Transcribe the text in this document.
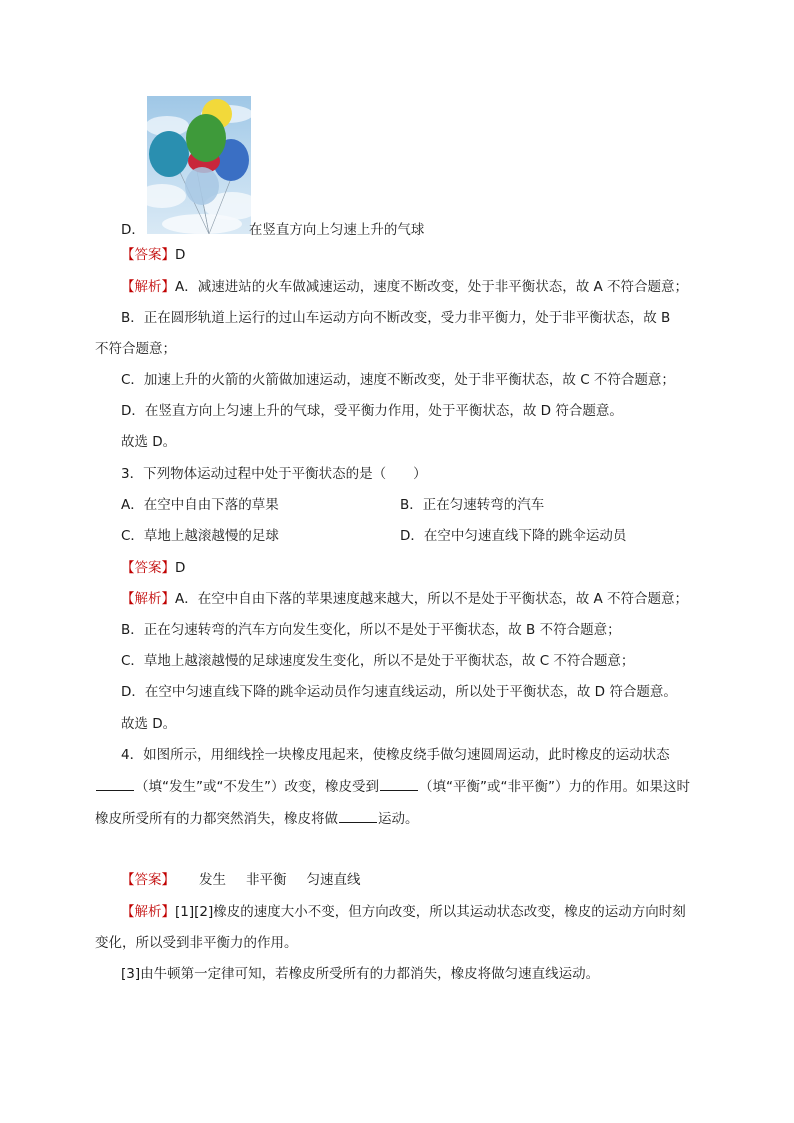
D．	在竖直方向上匀速上升的气球
【答案】D
【解析】A．减速进站的火车做减速运动，速度不断改变，处于非平衡状态，故 A 不符合题意；
B．正在圆形轨道上运行的过山车运动方向不断改变，受力非平衡力，处于非平衡状态，故 B
不符合题意；
C．加速上升的火箭的火箭做加速运动，速度不断改变，处于非平衡状态，故 C 不符合题意；
D．在竖直方向上匀速上升的气球，受平衡力作用，处于平衡状态，故 D 符合题意。
故选 D。
3．下列物体运动过程中处于平衡状态的是（　　）
A．在空中自由下落的草果	B．正在匀速转弯的汽车
C．草地上越滚越慢的足球	D．在空中匀速直线下降的跳伞运动员
【答案】D
【解析】A．在空中自由下落的苹果速度越来越大，所以不是处于平衡状态，故 A 不符合题意；
B．正在匀速转弯的汽车方向发生变化，所以不是处于平衡状态，故 B 不符合题意；
C．草地上越滚越慢的足球速度发生变化，所以不是处于平衡状态，故 C 不符合题意；
D．在空中匀速直线下降的跳伞运动员作匀速直线运动，所以处于平衡状态，故 D 符合题意。
故选 D。
4．如图所示，用细线拴一块橡皮甩起来，使橡皮绕手做匀速圆周运动，此时橡皮的运动状态
（填“发生”或“不发生”）改变，橡皮受到	（填“平衡”或“非平衡”）力的作用。如果这时
橡皮所受所有的力都突然消失，橡皮将做	运动。
【答案】 发生 非平衡 匀速直线
【解析】[1][2]橡皮的速度大小不变，但方向改变，所以其运动状态改变，橡皮的运动方向时刻
变化，所以受到非平衡力的作用。
[3]由牛顿第一定律可知，若橡皮所受所有的力都消失，橡皮将做匀速直线运动。
